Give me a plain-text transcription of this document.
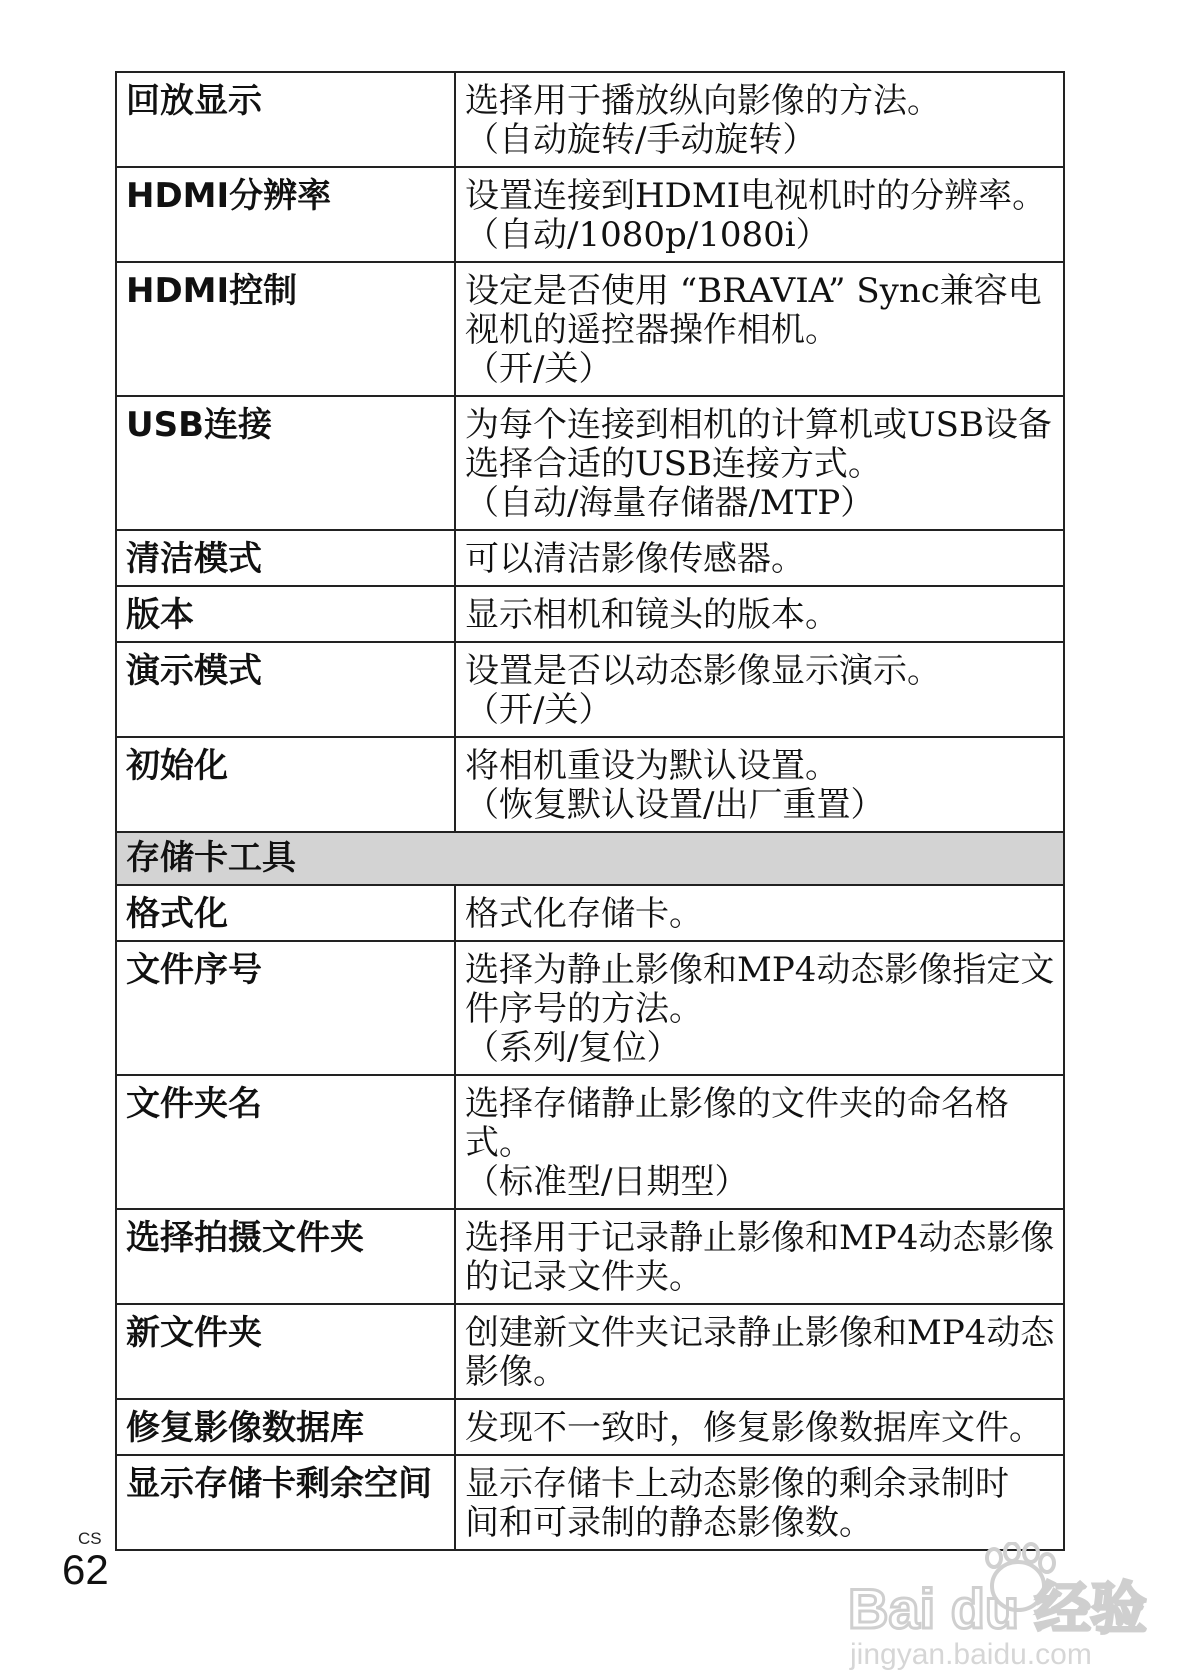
回放显示	选择用于播放纵向影像的方法。
（自动旋转/手动旋转）

HDMI分辨率	设置连接到HDMI电视机时的分辨率。
（自动/1080p/1080i）

HDMI控制	设定是否使用 “BRAVIA” Sync兼容电
视机的遥控器操作相机。
（开/关）

USB连接	为每个连接到相机的计算机或USB设备
选择合适的USB连接方式。
（自动/海量存储器/MTP）

清洁模式	可以清洁影像传感器。

版本	显示相机和镜头的版本。

演示模式	设置是否以动态影像显示演示。
（开/关）

初始化	将相机重设为默认设置。
（恢复默认设置/出厂重置）

存储卡工具	
格式化	格式化存储卡。

文件序号	选择为静止影像和MP4动态影像指定文
件序号的方法。
（系列/复位）

文件夹名	选择存储静止影像的文件夹的命名格
式。
（标准型/日期型）

选择拍摄文件夹	选择用于记录静止影像和MP4动态影像
的记录文件夹。

新文件夹	创建新文件夹记录静止影像和MP4动态
影像。

修复影像数据库	发现不一致时，修复影像数据库文件。

显示存储卡剩余空间	显示存储卡上动态影像的剩余录制时
间和可录制的静态影像数。
CS
62
Bai du 经验
jingyan.baidu.com
